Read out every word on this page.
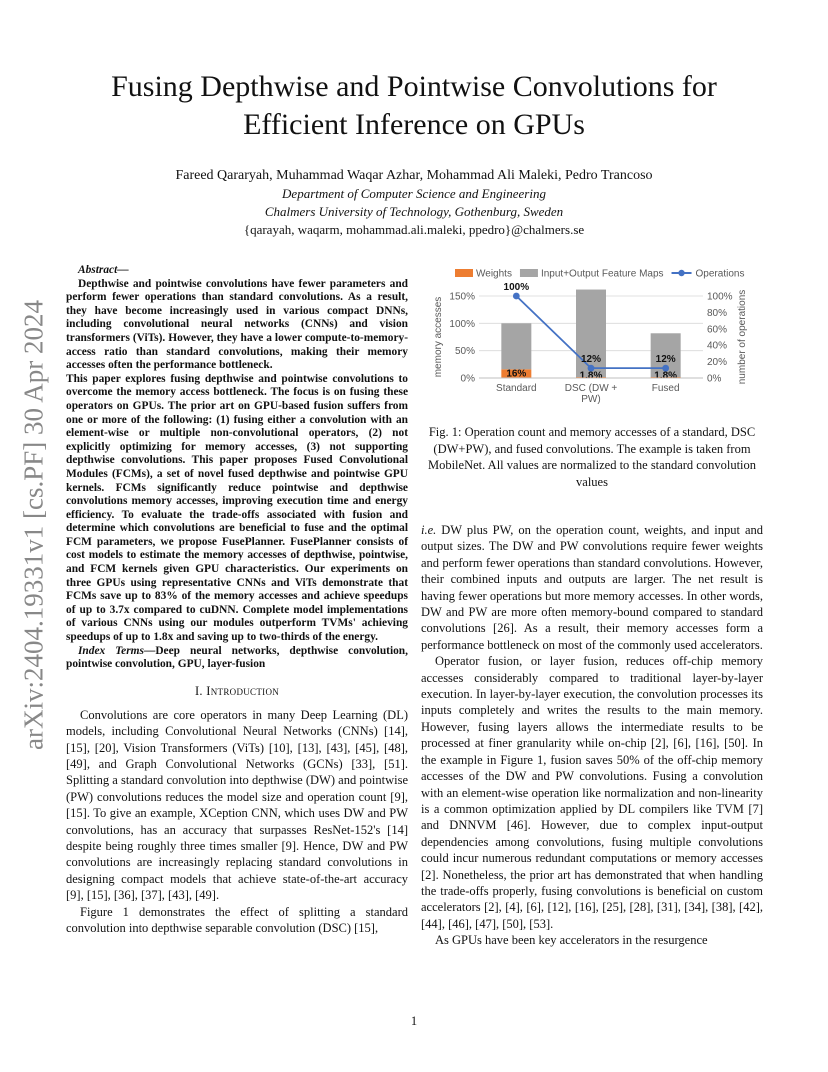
arXiv:2404.19331v1 [cs.PF] 30 Apr 2024
Fusing Depthwise and Pointwise Convolutions for
Efficient Inference on GPUs
Fareed Qararyah, Muhammad Waqar Azhar, Mohammad Ali Maleki, Pedro Trancoso
Department of Computer Science and Engineering
Chalmers University of Technology, Gothenburg, Sweden
{qarayah, waqarm, mohammad.ali.maleki, ppedro}@chalmers.se
Abstract—

Depthwise and pointwise convolutions have fewer parameters and perform fewer operations than standard convolutions. As a result, they have become increasingly used in various compact DNNs, including convolutional neural networks (CNNs) and vision transformers (ViTs). However, they have a lower compute-to-memory-access ratio than standard convolutions, making their memory accesses often the performance bottleneck.

This paper explores fusing depthwise and pointwise convolutions to overcome the memory access bottleneck. The focus is on fusing these operators on GPUs. The prior art on GPU-based fusion suffers from one or more of the following: (1) fusing either a convolution with an element-wise or multiple non-convolutional operators, (2) not explicitly optimizing for memory accesses, (3) not supporting depthwise convolutions. This paper proposes Fused Convolutional Modules (FCMs), a set of novel fused depthwise and pointwise GPU kernels. FCMs significantly reduce pointwise and depthwise convolutions memory accesses, improving execution time and energy efficiency. To evaluate the trade-offs associated with fusion and determine which convolutions are beneficial to fuse and the optimal FCM parameters, we propose FusePlanner. FusePlanner consists of cost models to estimate the memory accesses of depthwise, pointwise, and FCM kernels given GPU characteristics. Our experiments on three GPUs using representative CNNs and ViTs demonstrate that FCMs save up to 83% of the memory accesses and achieve speedups of up to 3.7x compared to cuDNN. Complete model implementations of various CNNs using our modules outperform TVMs' achieving speedups of up to 1.8x and saving up to two-thirds of the energy.

Index Terms—Deep neural networks, depthwise convolution, pointwise convolution, GPU, layer-fusion

I. Introduction

Convolutions are core operators in many Deep Learning (DL) models, including Convolutional Neural Networks (CNNs) [14], [15], [20], Vision Transformers (ViTs) [10], [13], [43], [45], [48], [49], and Graph Convolutional Networks (GCNs) [33], [51]. Splitting a standard convolution into depthwise (DW) and pointwise (PW) convolutions reduces the model size and operation count [9], [15]. To give an example, XCeption CNN, which uses DW and PW convolutions, has an accuracy that surpasses ResNet-152's [14] despite being roughly three times smaller [9]. Hence, DW and PW convolutions are increasingly replacing standard convolutions in designing compact models that achieve state-of-the-art accuracy [9], [15], [36], [37], [43], [49].

Figure 1 demonstrates the effect of splitting a standard convolution into depthwise separable convolution (DSC) [15],

Weights	Input+Output Feature Maps	Operations
100%
12%	12%
16%	1.8%	1.8%
0%
50%
100%
150%
0%
20%
40%
60%
80%
100%
memory accesses	number of operations
Standard	DSC (DW + PW)
Fused
Fig. 1: Operation count and memory accesses of a standard, DSC (DW+PW), and fused convolutions. The example is taken from MobileNet. All values are normalized to the standard convolution values

i.e. DW plus PW, on the operation count, weights, and input and output sizes. The DW and PW convolutions require fewer weights and perform fewer operations than standard convolutions. However, their combined inputs and outputs are larger. The net result is having fewer operations but more memory accesses. In other words, DW and PW are more often memory-bound compared to standard convolutions [26]. As a result, their memory accesses form a performance bottleneck on most of the commonly used accelerators.

Operator fusion, or layer fusion, reduces off-chip memory accesses considerably compared to traditional layer-by-layer execution. In layer-by-layer execution, the convolution processes its inputs completely and writes the results to the main memory. However, fusing layers allows the intermediate results to be processed at finer granularity while on-chip [2], [6], [16], [50]. In the example in Figure 1, fusion saves 50% of the off-chip memory accesses of the DW and PW convolutions. Fusing a convolution with an element-wise operation like normalization and non-linearity is a common optimization applied by DL compilers like TVM [7] and DNNVM [46]. However, due to complex input-output dependencies among convolutions, fusing multiple convolutions could incur numerous redundant computations or memory accesses [2]. Nonetheless, the prior art has demonstrated that when handling the trade-offs properly, fusing convolutions is beneficial on custom accelerators [2], [4], [6], [12], [16], [25], [28], [31], [34], [38], [42], [44], [46], [47], [50], [53].

As GPUs have been key accelerators in the resurgence

1
